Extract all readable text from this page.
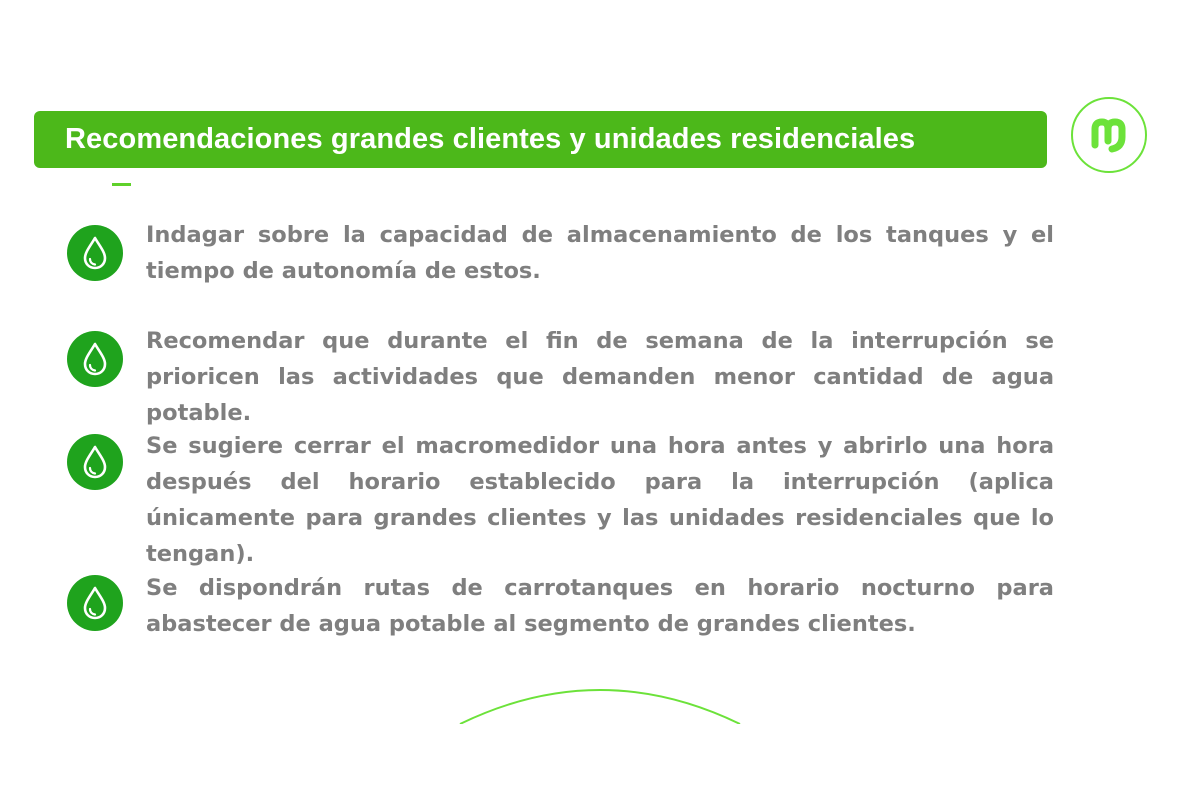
Recomendaciones grandes clientes y unidades residenciales

Indagar sobre la capacidad de almacenamiento de los tanques y el tiempo de autonomía de estos.

Recomendar que durante el fin de semana de la interrupción se prioricen las actividades que demanden menor cantidad de agua potable.

Se sugiere cerrar el macromedidor una hora antes y abrirlo una hora después del horario establecido para la interrupción (aplica únicamente para grandes clientes y las unidades residenciales que lo tengan).

Se dispondrán rutas de carrotanques en horario nocturno para abastecer de agua potable al segmento de grandes clientes.
